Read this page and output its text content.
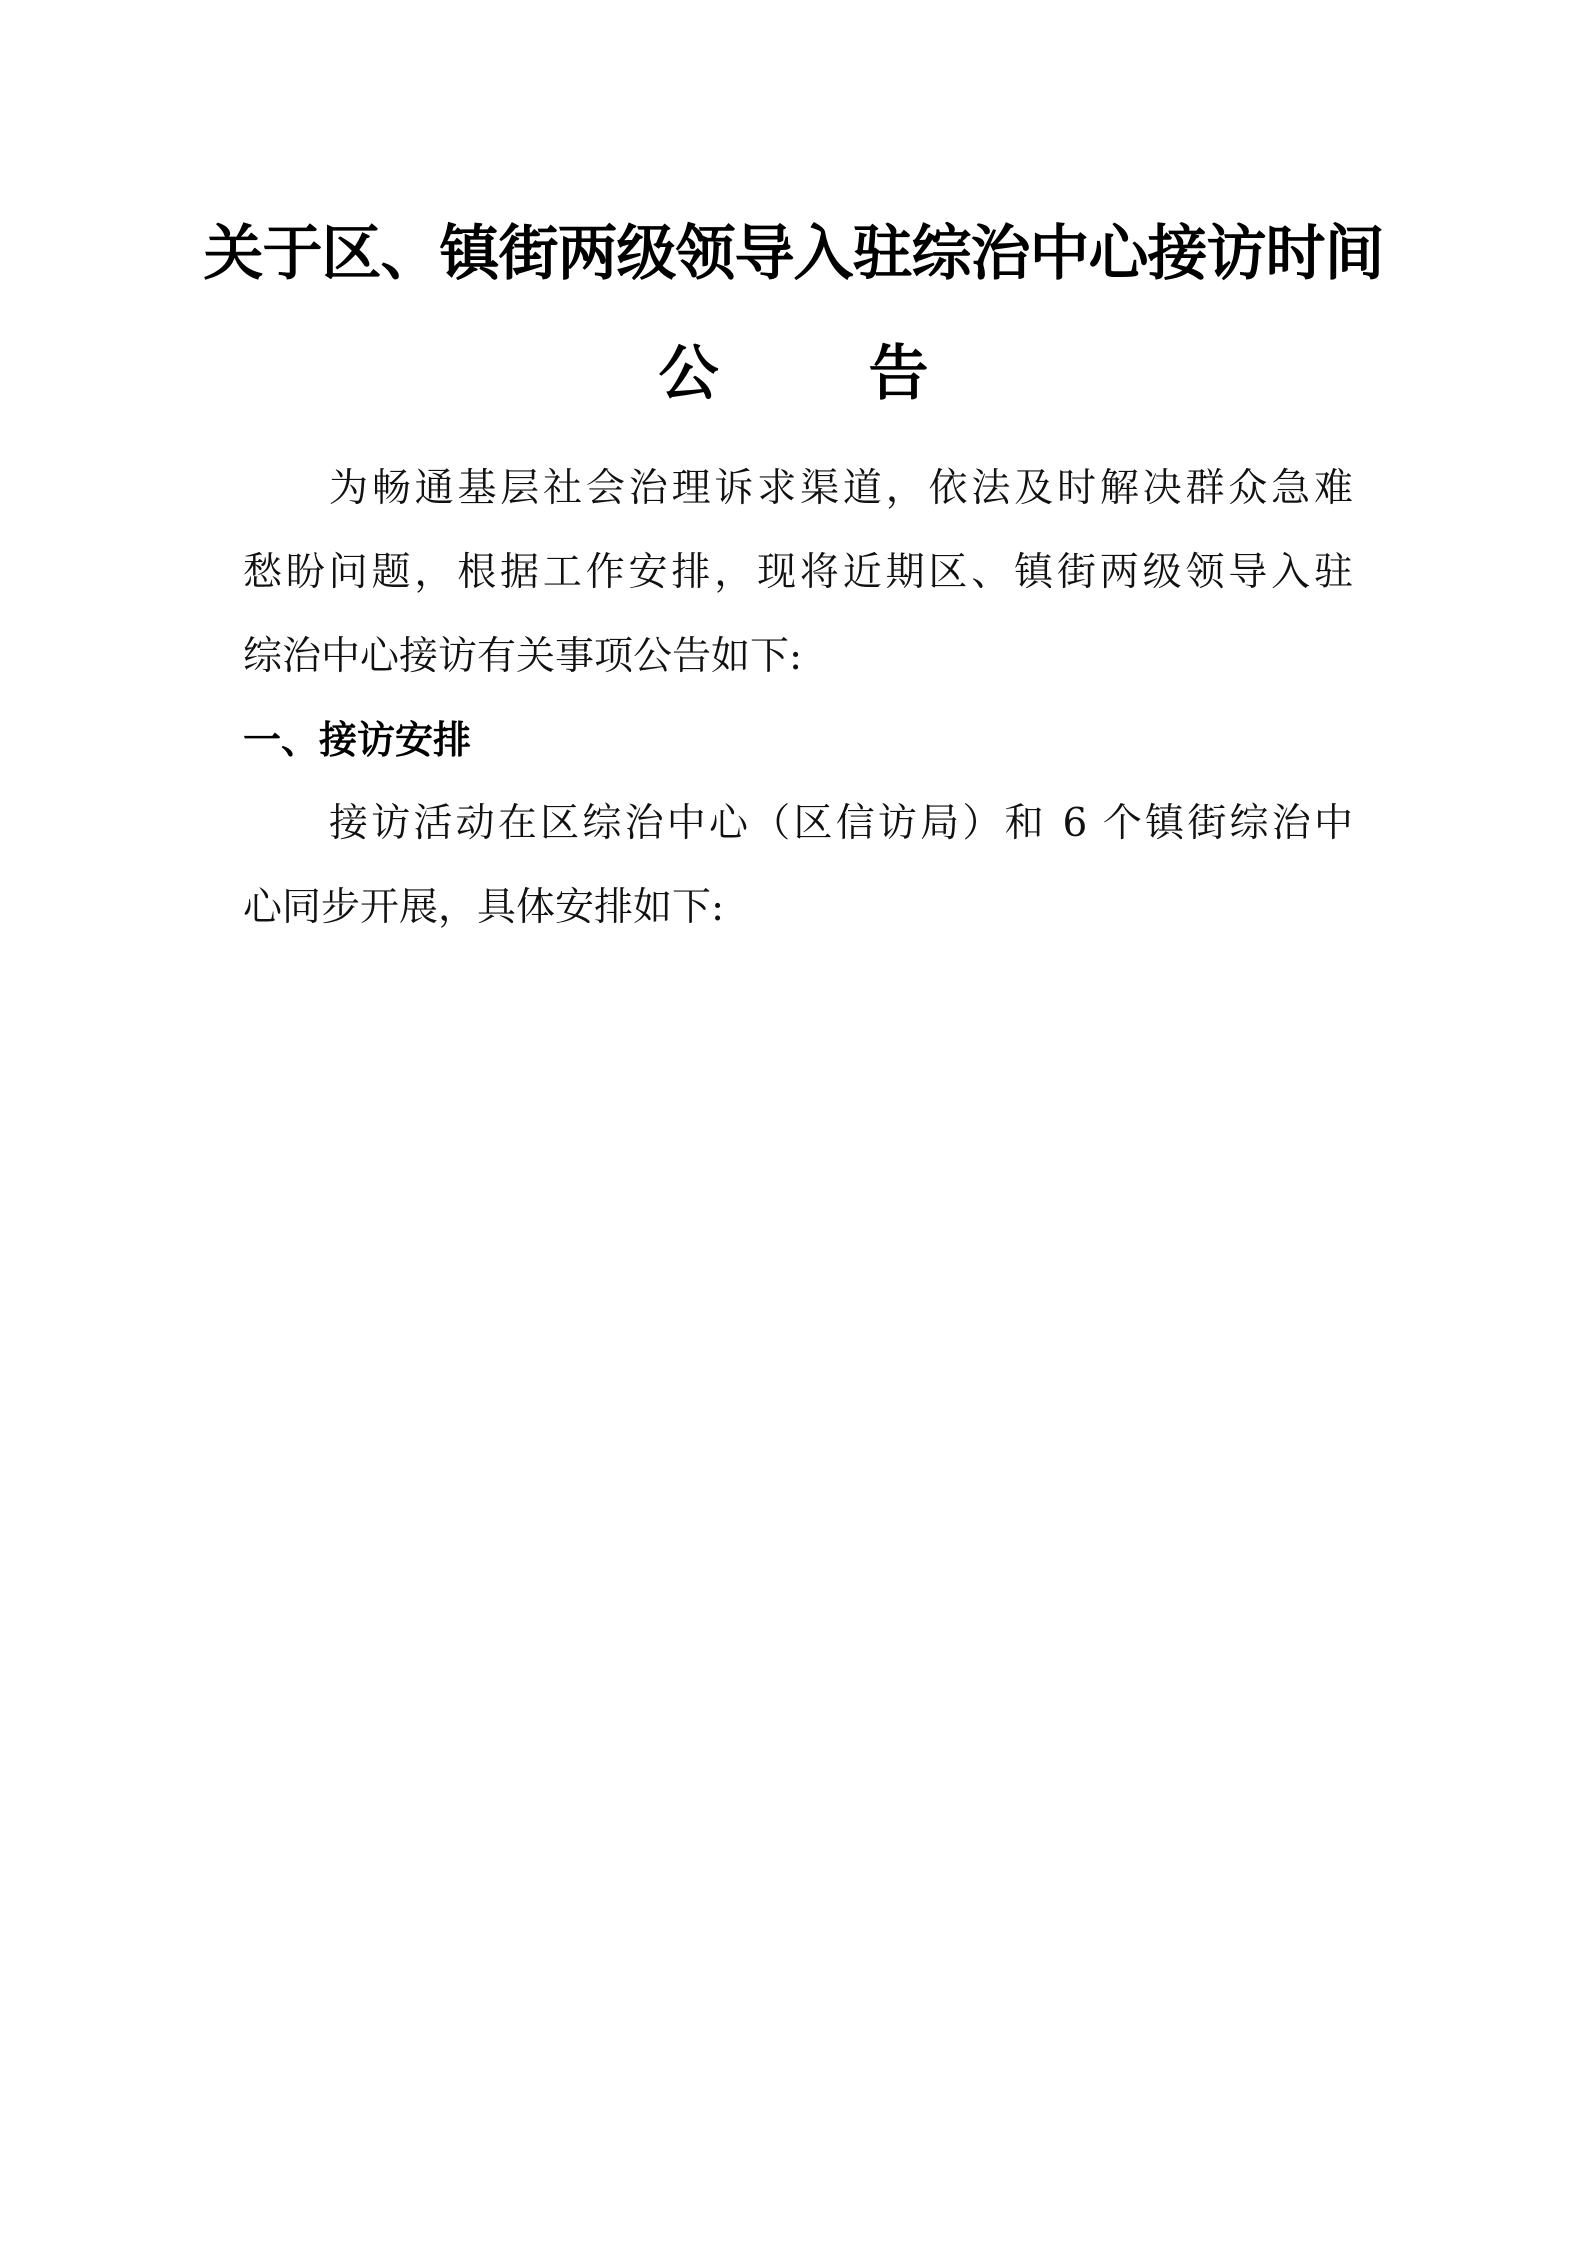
关于区、镇街两级领导入驻综治中心接访时间
公	告
为畅通基层社会治理诉求渠道，依法及时解决群众急难
愁盼问题，根据工作安排，现将近期区、镇街两级领导入驻
综治中心接访有关事项公告如下:
一、接访安排
接访活动在区综治中心（区信访局）和 6 个镇街综治中
心同步开展，具体安排如下:
